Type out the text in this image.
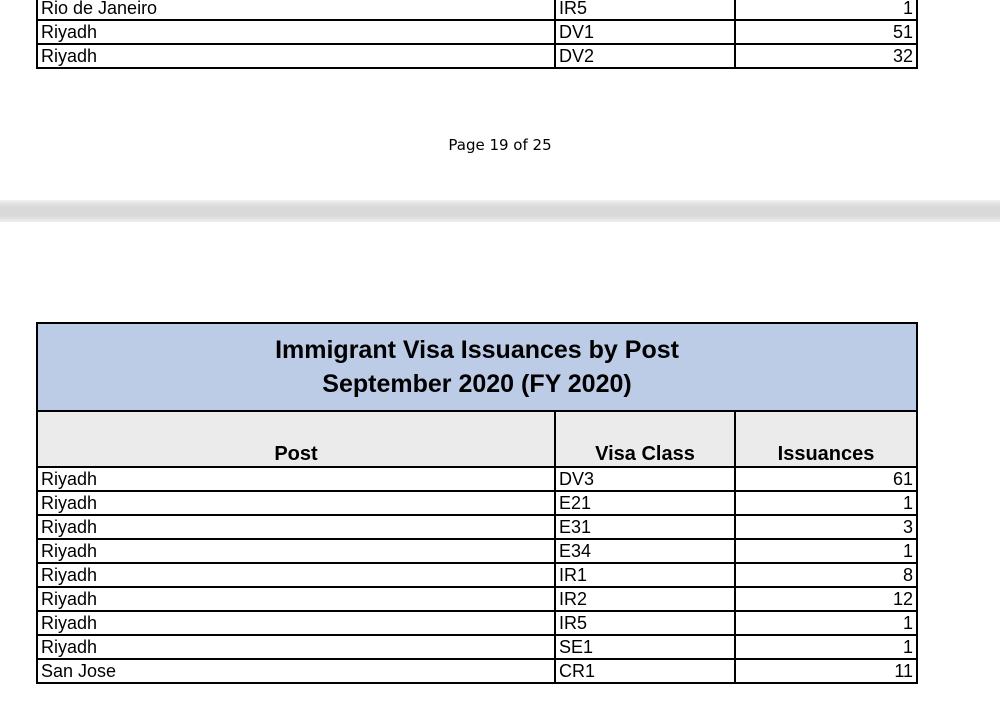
Rio de Janeiro	IR5	1
Riyadh	DV1	51
Riyadh	DV2	32
Page 19 of 25
Immigrant Visa Issuances by Post
September 2020 (FY 2020)		

Post	Visa Class	Issuances
Riyadh	DV3	61
Riyadh	E21	1
Riyadh	E31	3
Riyadh	E34	1
Riyadh	IR1	8
Riyadh	IR2	12
Riyadh	IR5	1
Riyadh	SE1	1
San Jose	CR1	11
